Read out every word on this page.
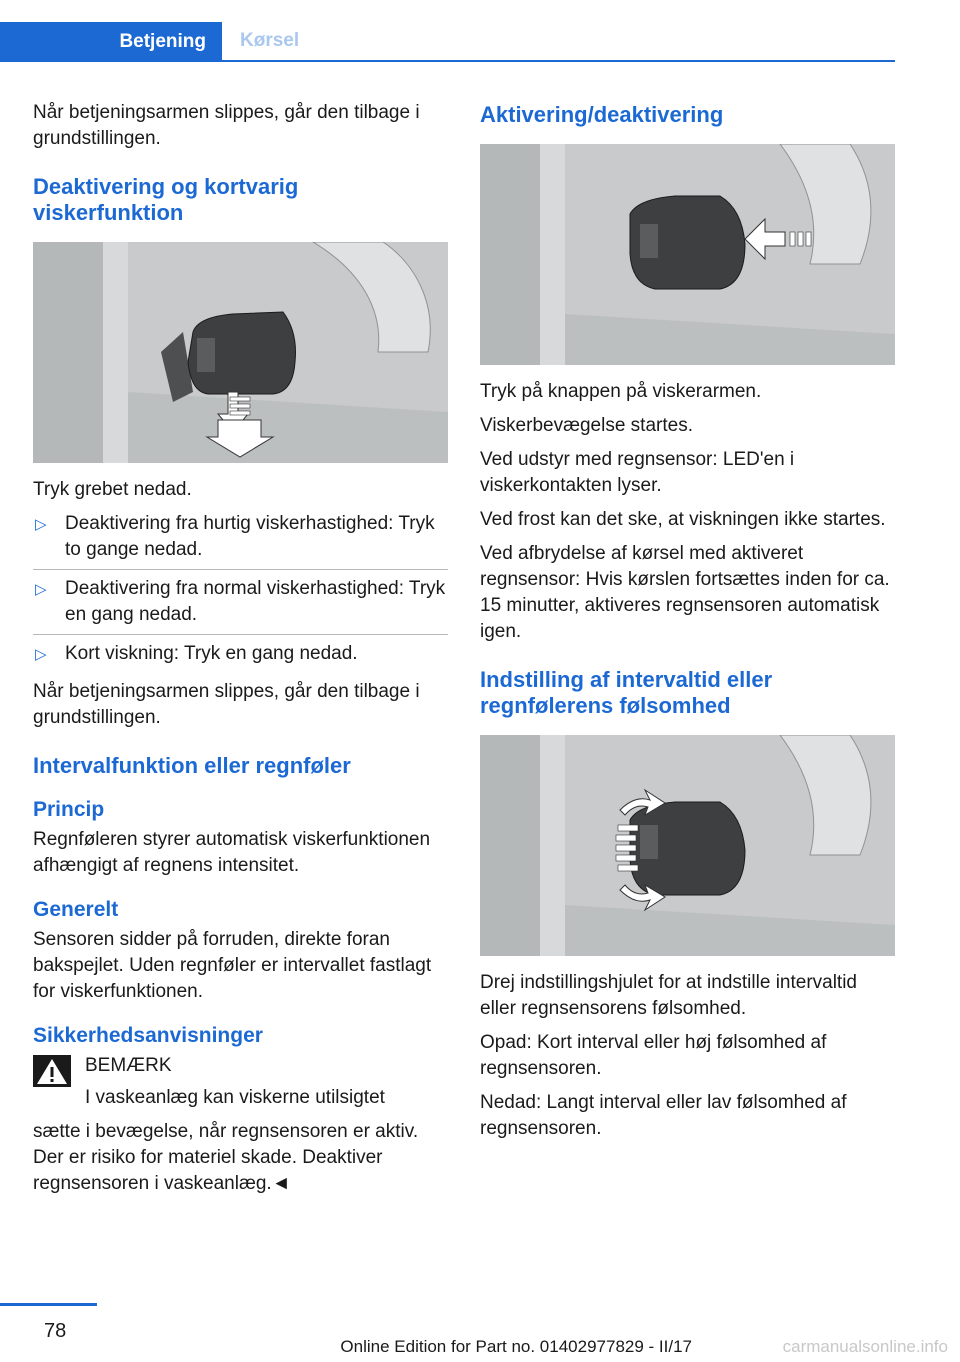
Betjening	Kørsel

Når betjeningsarmen slippes, går den tilbage i grundstillingen.

Deaktivering og kortvarig viskerfunktion

Tryk grebet nedad.

▷ Deaktivering fra hurtig viskerhastighed: Tryk to gange nedad.
▷ Deaktivering fra normal viskerhastighed: Tryk en gang nedad.
▷ Kort viskning: Tryk en gang nedad.

Når betjeningsarmen slippes, går den tilbage i grundstillingen.

Intervalfunktion eller regnføler
Princip

Regnføleren styrer automatisk viskerfunktionen afhængigt af regnens intensitet.

Generelt

Sensoren sidder på forruden, direkte foran bakspejlet. Uden regnføler er intervallet fastlagt for viskerfunktionen.

Sikkerhedsanvisninger
BEMÆRK

I vaskeanlæg kan viskerne utilsigtet

sætte i bevægelse, når regnsensoren er aktiv. Der er risiko for materiel skade. Deaktiver regnsensoren i vaskeanlæg.◄

Aktivering/deaktivering

Tryk på knappen på viskerarmen.

Viskerbevægelse startes.

Ved udstyr med regnsensor: LED'en i viskerkontakten lyser.

Ved frost kan det ske, at viskningen ikke startes.

Ved afbrydelse af kørsel med aktiveret regnsensor: Hvis kørslen fortsættes inden for ca. 15 minutter, aktiveres regnsensoren automatisk igen.

Indstilling af intervaltid eller regnfølerens følsomhed

Drej indstillingshjulet for at indstille intervaltid eller regnsensorens følsomhed.

Opad: Kort interval eller høj følsomhed af regnsensoren.

Nedad: Langt interval eller lav følsomhed af regnsensoren.

78
Online Edition for Part no. 01402977829 - II/17	carmanualsonline.info
